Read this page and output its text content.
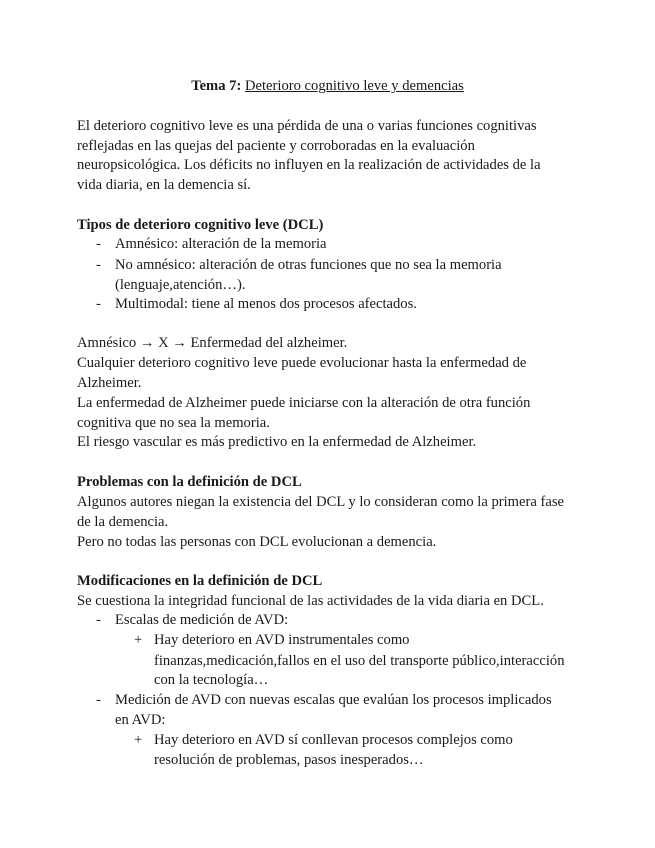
Tema 7: Deterioro cognitivo leve y demencias
El deterioro cognitivo leve es una pérdida de una o varias funciones cognitivas
reflejadas en las quejas del paciente y corroboradas en la evaluación
neuropsicológica. Los déficits no influyen en la realización de actividades de la
vida diaria, en la demencia sí.
Tipos de deterioro cognitivo leve (DCL)
- Amnésico: alteración de la memoria
- No amnésico: alteración de otras funciones que no sea la memoria
(lenguaje,atención…).
- Multimodal: tiene al menos dos procesos afectados.
Amnésico → X → Enfermedad del alzheimer.
Cualquier deterioro cognitivo leve puede evolucionar hasta la enfermedad de
Alzheimer.
La enfermedad de Alzheimer puede iniciarse con la alteración de otra función
cognitiva que no sea la memoria.
El riesgo vascular es más predictivo en la enfermedad de Alzheimer.
Problemas con la definición de DCL
Algunos autores niegan la existencia del DCL y lo consideran como la primera fase
de la demencia.
Pero no todas las personas con DCL evolucionan a demencia.
Modificaciones en la definición de DCL
Se cuestiona la integridad funcional de las actividades de la vida diaria en DCL.
- Escalas de medición de AVD:
+ Hay deterioro en AVD instrumentales como
finanzas,medicación,fallos en el uso del transporte público,interacción
con la tecnología…
- Medición de AVD con nuevas escalas que evalúan los procesos implicados
en AVD:
+ Hay deterioro en AVD sí conllevan procesos complejos como
resolución de problemas, pasos inesperados…
